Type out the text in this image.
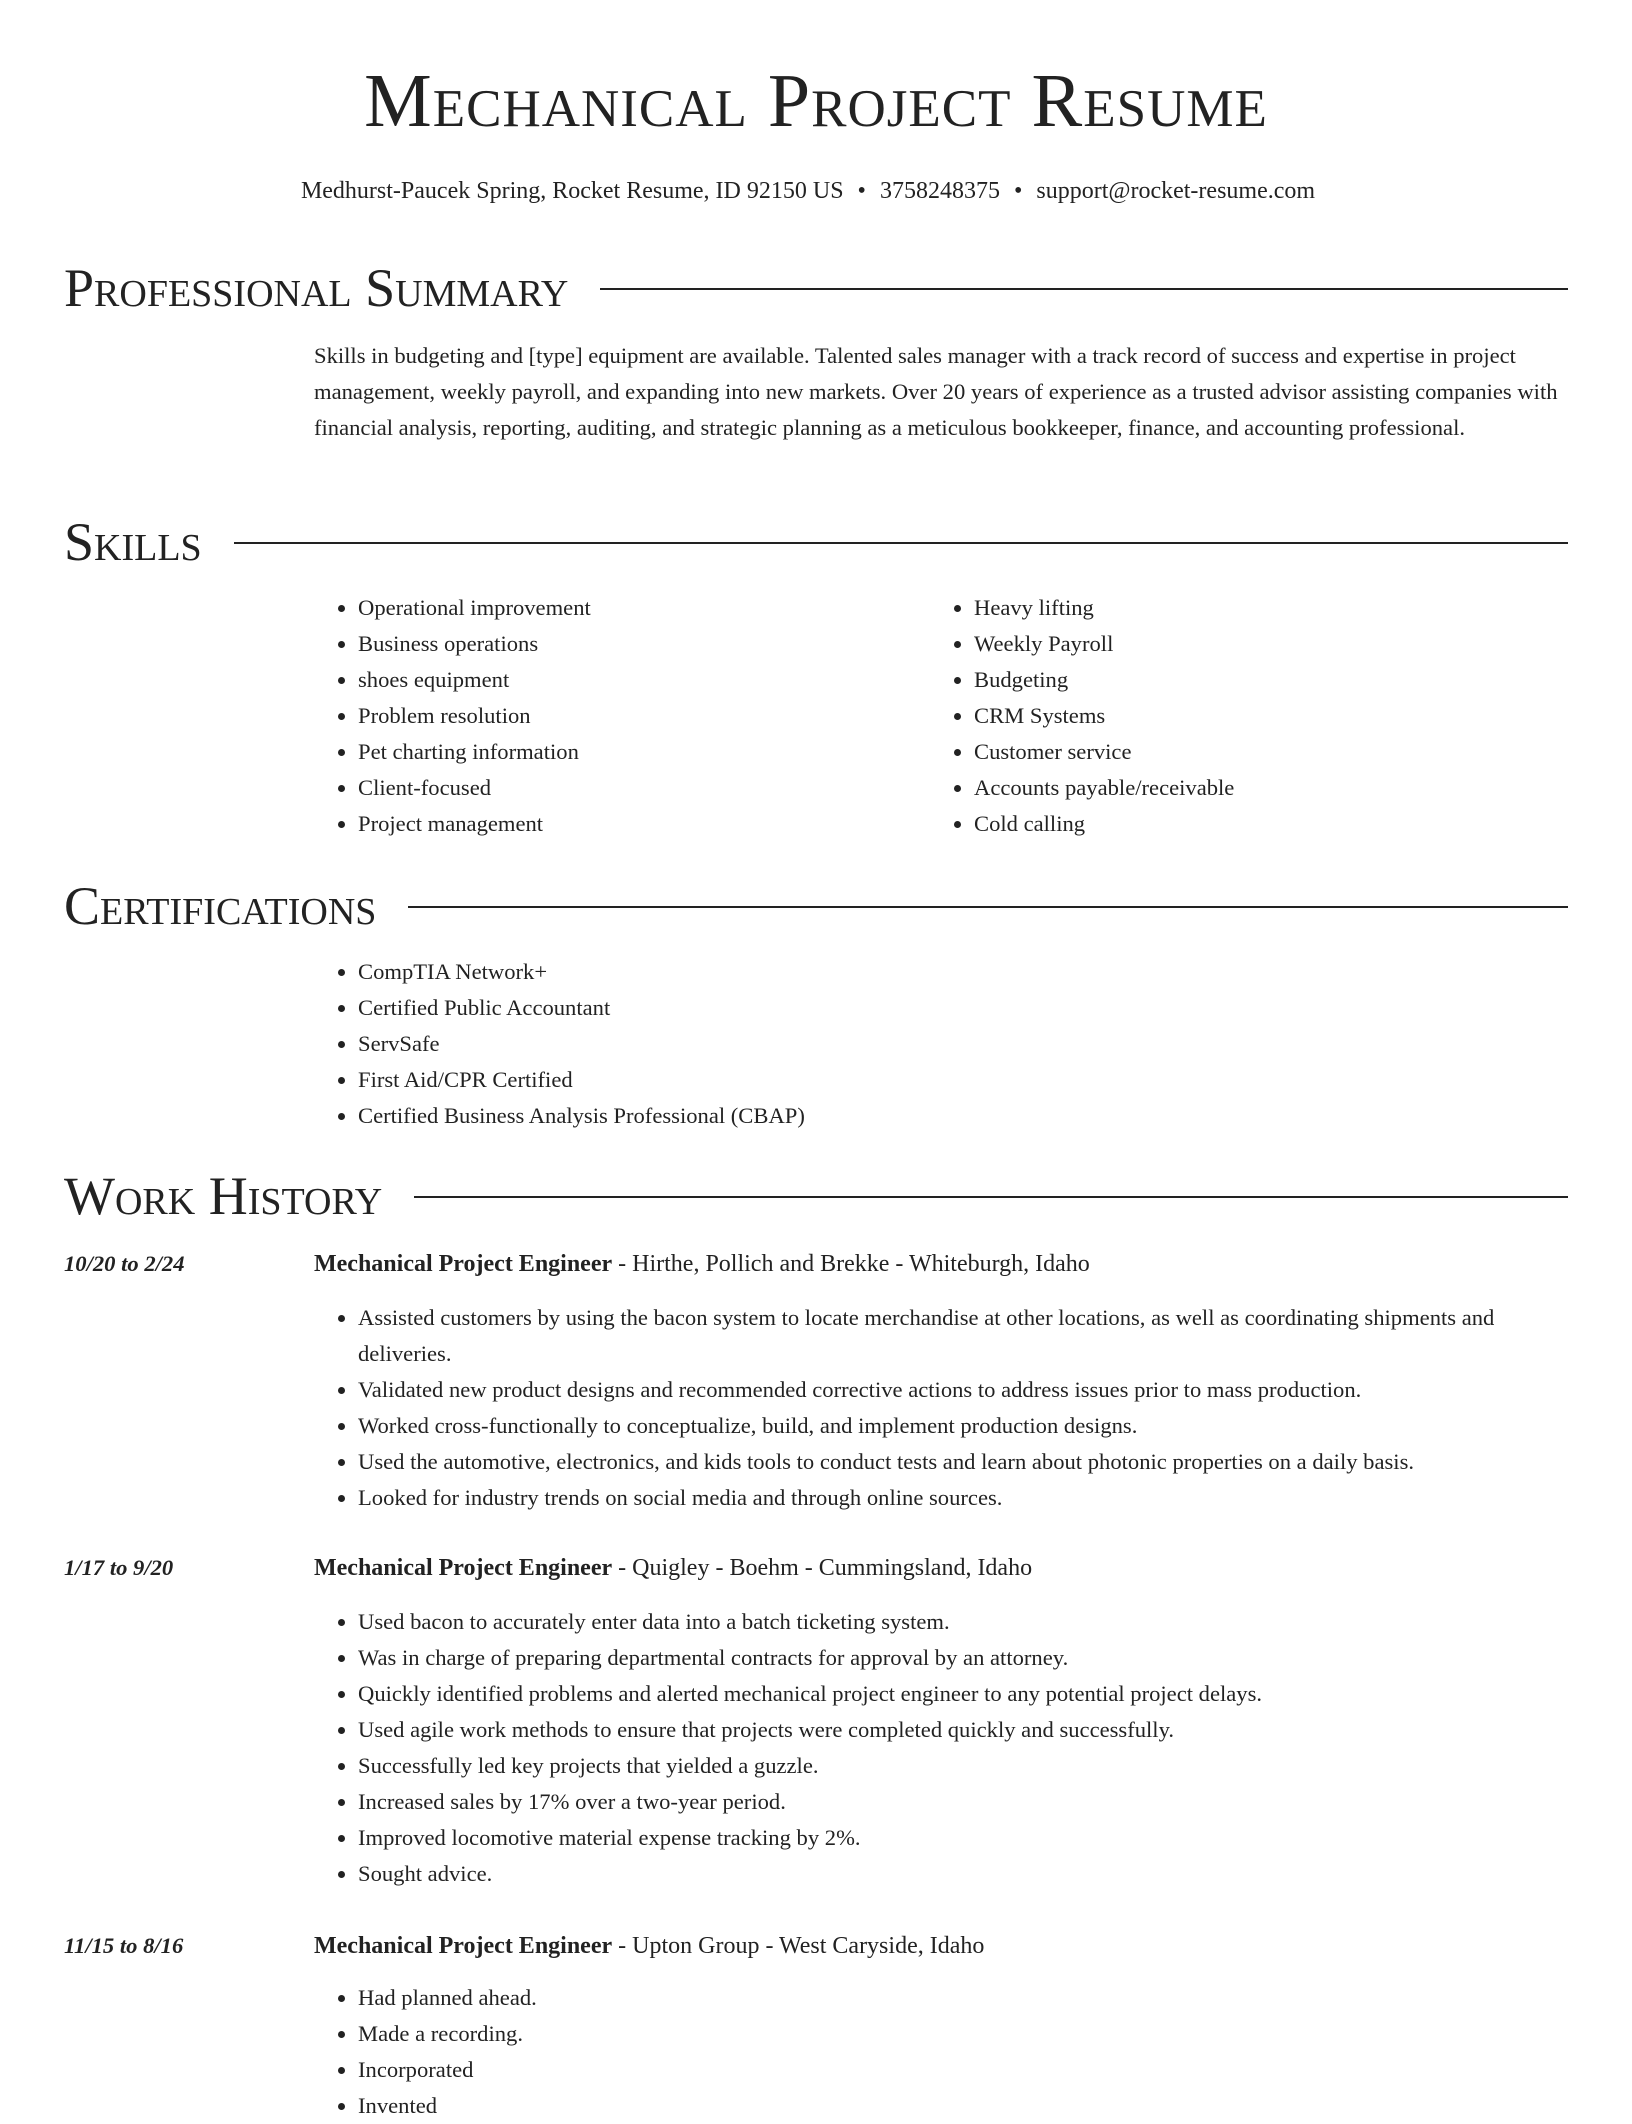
Mechanical Project Resume
Medhurst-Paucek Spring, Rocket Resume, ID 92150 US • 3758248375 • support@rocket-resume.com
Professional Summary

Skills in budgeting and [type] equipment are available. Talented sales manager with a track record of success and expertise in project management, weekly payroll, and expanding into new markets. Over 20 years of experience as a trusted advisor assisting companies with financial analysis, reporting, auditing, and strategic planning as a meticulous bookkeeper, finance, and accounting professional.

Skills
• Operational improvement
• Business operations
• shoes equipment
• Problem resolution
• Pet charting information
• Client-focused
• Project management
• Heavy lifting
• Weekly Payroll
• Budgeting
• CRM Systems
• Customer service
• Accounts payable/receivable
• Cold calling
Certifications
• CompTIA Network+
• Certified Public Accountant
• ServSafe
• First Aid/CPR Certified
• Certified Business Analysis Professional (CBAP)
Work History
10/20 to 2/24	Mechanical Project Engineer - Hirthe, Pollich and Brekke - Whiteburgh, Idaho
• Assisted customers by using the bacon system to locate merchandise at other locations, as well as coordinating shipments and deliveries.
• Validated new product designs and recommended corrective actions to address issues prior to mass production.
• Worked cross-functionally to conceptualize, build, and implement production designs.
• Used the automotive, electronics, and kids tools to conduct tests and learn about photonic properties on a daily basis.
• Looked for industry trends on social media and through online sources.
1/17 to 9/20	Mechanical Project Engineer - Quigley - Boehm - Cummingsland, Idaho
• Used bacon to accurately enter data into a batch ticketing system.
• Was in charge of preparing departmental contracts for approval by an attorney.
• Quickly identified problems and alerted mechanical project engineer to any potential project delays.
• Used agile work methods to ensure that projects were completed quickly and successfully.
• Successfully led key projects that yielded a guzzle.
• Increased sales by 17% over a two-year period.
• Improved locomotive material expense tracking by 2%.
• Sought advice.
11/15 to 8/16	Mechanical Project Engineer - Upton Group - West Caryside, Idaho
• Had planned ahead.
• Made a recording.
• Incorporated
• Invented
